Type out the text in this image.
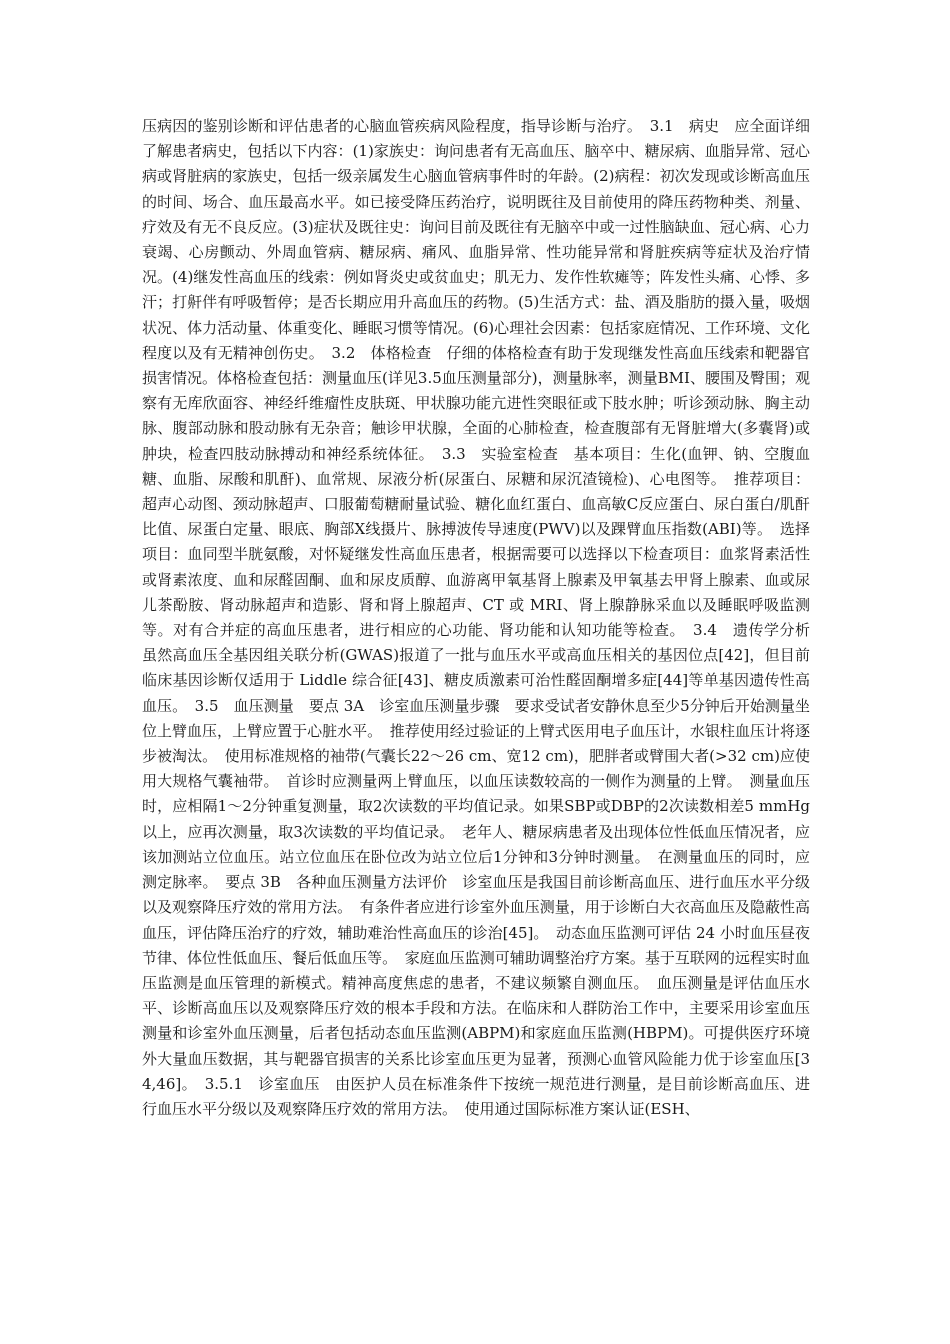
压病因的鉴别诊断和评估患者的心脑血管疾病风险程度，指导诊断与治疗。　3.1　病史　应全面详细了解患者病史，包括以下内容：(1)家族史：询问患者有无高血压、脑卒中、糖尿病、血脂异常、冠心病或肾脏病的家族史，包括一级亲属发生心脑血管病事件时的年龄。(2)病程：初次发现或诊断高血压的时间、场合、血压最高水平。如已接受降压药治疗，说明既往及目前使用的降压药物种类、剂量、疗效及有无不良反应。(3)症状及既往史：询问目前及既往有无脑卒中或一过性脑缺血、冠心病、心力衰竭、心房颤动、外周血管病、糖尿病、痛风、血脂异常、性功能异常和肾脏疾病等症状及治疗情况。(4)继发性高血压的线索：例如肾炎史或贫血史；肌无力、发作性软瘫等；阵发性头痛、心悸、多汗；打鼾伴有呼吸暂停；是否长期应用升高血压的药物。(5)生活方式：盐、酒及脂肪的摄入量，吸烟状况、体力活动量、体重变化、睡眠习惯等情况。(6)心理社会因素：包括家庭情况、工作环境、文化程度以及有无精神创伤史。　3.2　体格检查　仔细的体格检查有助于发现继发性高血压线索和靶器官损害情况。体格检查包括：测量血压(详见3.5血压测量部分)，测量脉率，测量BMI、腰围及臀围；观察有无库欣面容、神经纤维瘤性皮肤斑、甲状腺功能亢进性突眼征或下肢水肿；听诊颈动脉、胸主动脉、腹部动脉和股动脉有无杂音；触诊甲状腺，全面的心肺检查，检查腹部有无肾脏增大(多囊肾)或肿块，检查四肢动脉搏动和神经系统体征。　3.3　实验室检查　基本项目：生化(血钾、钠、空腹血糖、血脂、尿酸和肌酐)、血常规、尿液分析(尿蛋白、尿糖和尿沉渣镜检)、心电图等。　推荐项目：超声心动图、颈动脉超声、口服葡萄糖耐量试验、糖化血红蛋白、血高敏C反应蛋白、尿白蛋白/肌酐比值、尿蛋白定量、眼底、胸部X线摄片、脉搏波传导速度(PWV)以及踝臂血压指数(ABI)等。　选择项目：血同型半胱氨酸，对怀疑继发性高血压患者，根据需要可以选择以下检查项目：血浆肾素活性或肾素浓度、血和尿醛固酮、血和尿皮质醇、血游离甲氧基肾上腺素及甲氧基去甲肾上腺素、血或尿儿茶酚胺、肾动脉超声和造影、肾和肾上腺超声、CT 或 MRI、肾上腺静脉采血以及睡眠呼吸监测等。对有合并症的高血压患者，进行相应的心功能、肾功能和认知功能等检查。　3.4　遗传学分析　虽然高血压全基因组关联分析(GWAS)报道了一批与血压水平或高血压相关的基因位点[42]，但目前临床基因诊断仅适用于 Liddle 综合征[43]、糖皮质激素可治性醛固酮增多症[44]等单基因遗传性高血压。　3.5　血压测量　要点 3A　诊室血压测量步骤　要求受试者安静休息至少5分钟后开始测量坐位上臂血压，上臂应置于心脏水平。　推荐使用经过验证的上臂式医用电子血压计，水银柱血压计将逐步被淘汰。　使用标准规格的袖带(气囊长22～26 cm、宽12 cm)，肥胖者或臂围大者(>32 cm)应使用大规格气囊袖带。　首诊时应测量两上臂血压，以血压读数较高的一侧作为测量的上臂。　测量血压时，应相隔1～2分钟重复测量，取2次读数的平均值记录。如果SBP或DBP的2次读数相差5 mmHg以上，应再次测量，取3次读数的平均值记录。　老年人、糖尿病患者及出现体位性低血压情况者，应该加测站立位血压。站立位血压在卧位改为站立位后1分钟和3分钟时测量。　在测量血压的同时，应测定脉率。　要点 3B　各种血压测量方法评价　诊室血压是我国目前诊断高血压、进行血压水平分级以及观察降压疗效的常用方法。　有条件者应进行诊室外血压测量，用于诊断白大衣高血压及隐蔽性高血压，评估降压治疗的疗效，辅助难治性高血压的诊治[45]。　动态血压监测可评估 24 小时血压昼夜节律、体位性低血压、餐后低血压等。　家庭血压监测可辅助调整治疗方案。基于互联网的远程实时血压监测是血压管理的新模式。精神高度焦虑的患者，不建议频繁自测血压。　血压测量是评估血压水平、诊断高血压以及观察降压疗效的根本手段和方法。在临床和人群防治工作中，主要采用诊室血压测量和诊室外血压测量，后者包括动态血压监测(ABPM)和家庭血压监测(HBPM)。可提供医疗环境外大量血压数据，其与靶器官损害的关系比诊室血压更为显著，预测心血管风险能力优于诊室血压[34,46]。　3.5.1　诊室血压　由医护人员在标准条件下按统一规范进行测量，是目前诊断高血压、进行血压水平分级以及观察降压疗效的常用方法。　使用通过国际标准方案认证(ESH、
